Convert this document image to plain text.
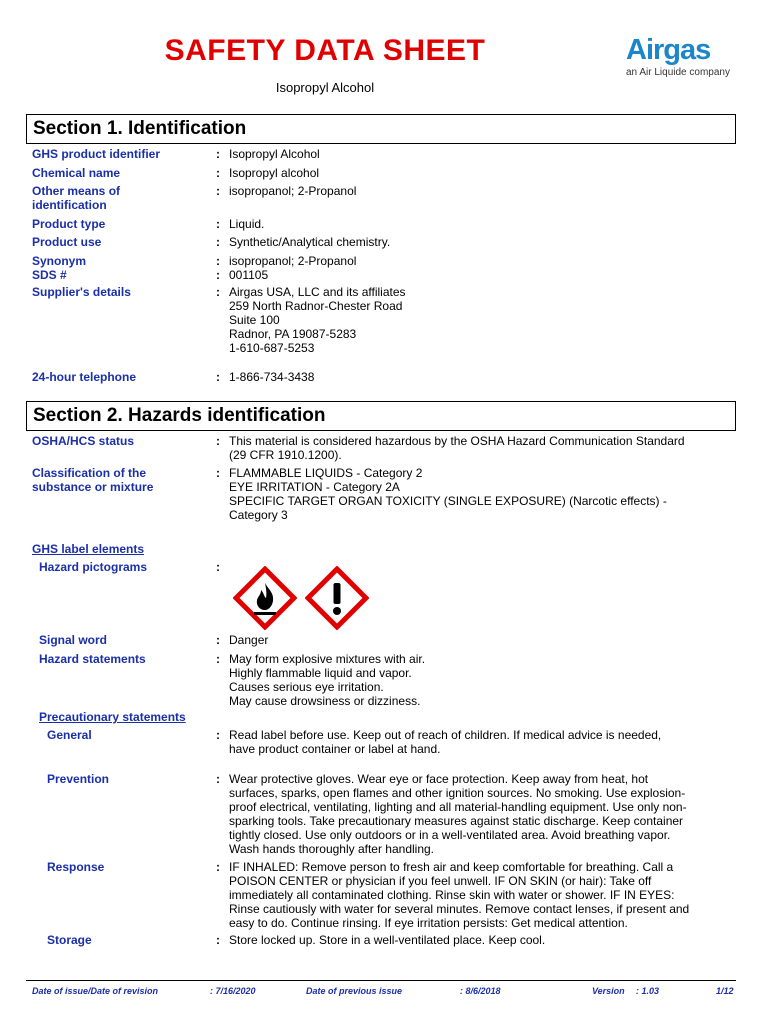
SAFETY DATA SHEET
Isopropyl Alcohol
Airgas
an Air Liquide company
Section 1. Identification
GHS product identifier	: Isopropyl Alcohol
Chemical name	: Isopropyl alcohol
Other means of
identification
: isopropanol; 2-Propanol
Product type	: Liquid.
Product use	: Synthetic/Analytical chemistry.
Synonym	: isopropanol; 2-Propanol
SDS #	: 001105
Supplier's details	: Airgas USA, LLC and its affiliates
259 North Radnor-Chester Road
Suite 100
Radnor, PA 19087-5283
1-610-687-5253
24-hour telephone	: 1-866-734-3438
Section 2. Hazards identification
OSHA/HCS status	: This material is considered hazardous by the OSHA Hazard Communication Standard
(29 CFR 1910.1200).
Classification of the
substance or mixture
: FLAMMABLE LIQUIDS - Category 2
EYE IRRITATION - Category 2A
SPECIFIC TARGET ORGAN TOXICITY (SINGLE EXPOSURE) (Narcotic effects) -
Category 3
GHS label elements
Hazard pictograms	:
Signal word	: Danger
Hazard statements	: May form explosive mixtures with air.
Highly flammable liquid and vapor.
Causes serious eye irritation.
May cause drowsiness or dizziness.
Precautionary statements
General	: Read label before use. Keep out of reach of children. If medical advice is needed,
have product container or label at hand.
Prevention	: Wear protective gloves. Wear eye or face protection. Keep away from heat, hot
surfaces, sparks, open flames and other ignition sources. No smoking. Use explosion-
proof electrical, ventilating, lighting and all material-handling equipment. Use only non-
sparking tools. Take precautionary measures against static discharge. Keep container
tightly closed. Use only outdoors or in a well-ventilated area. Avoid breathing vapor.
Wash hands thoroughly after handling.
Response	: IF INHALED: Remove person to fresh air and keep comfortable for breathing. Call a
POISON CENTER or physician if you feel unwell. IF ON SKIN (or hair): Take off
immediately all contaminated clothing. Rinse skin with water or shower. IF IN EYES:
Rinse cautiously with water for several minutes. Remove contact lenses, if present and
easy to do. Continue rinsing. If eye irritation persists: Get medical attention.
Storage	: Store locked up. Store in a well-ventilated place. Keep cool.
Date of issue/Date of revision	: 7/16/2020	Date of previous issue	: 8/6/2018	Version : 1.03	1/12
